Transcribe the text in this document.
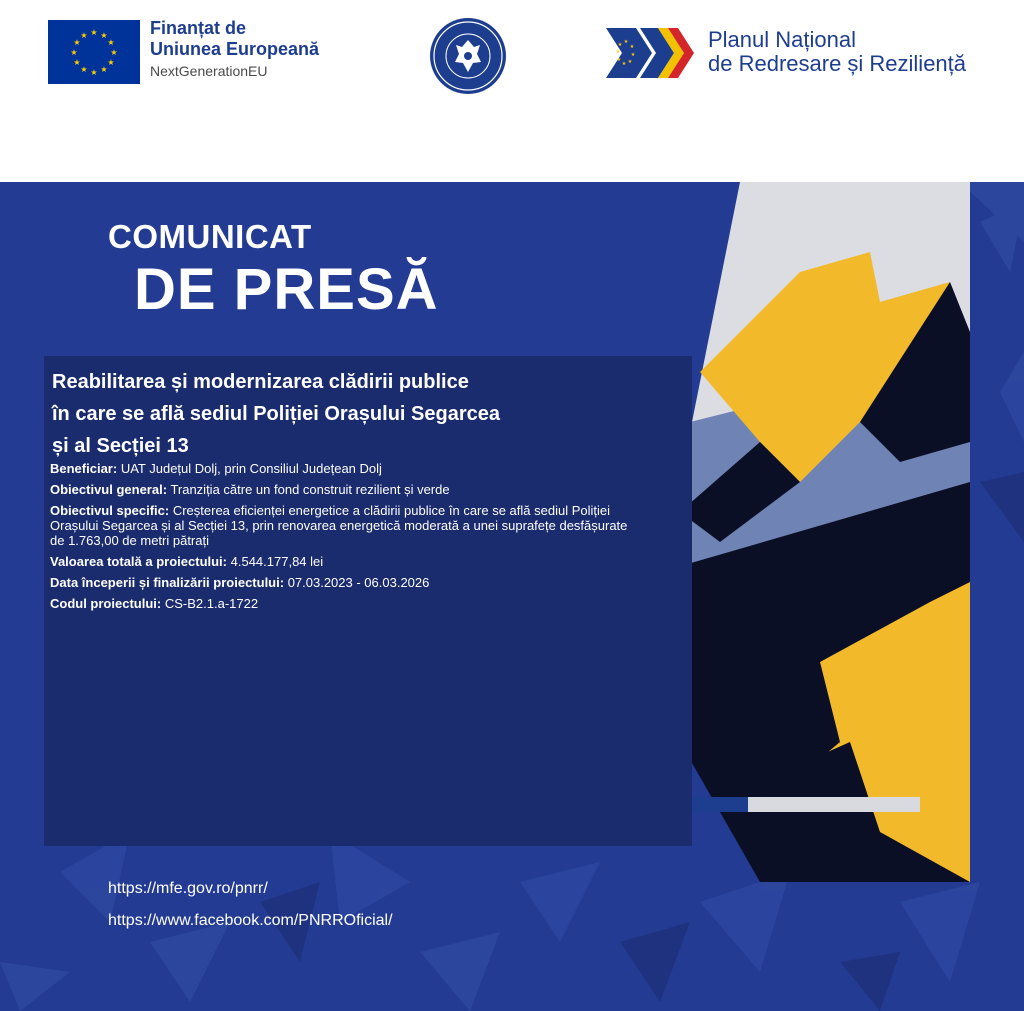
★ ★
★
★
★
★
★
★
★
★
★
★	Finanțat de
Uniunea Europeană
NextGenerationEU
★
★
★
★
★
★
★
★	Planul Național
de Redresare și Reziliență
COMUNICAT
DE PRESĂ
Reabilitarea și modernizarea clădirii publice
în care se află sediul Poliției Orașului Segarcea
și al Secției 13
Beneficiar: UAT Județul Dolj, prin Consiliul Județean Dolj
Obiectivul general: Tranziția către un fond construit rezilient și verde
Obiectivul specific: Creșterea eficienței energetice a clădirii publice în care se află sediul Poliției Orașului Segarcea și al Secției 13, prin renovarea energetică moderată a unei suprafețe desfășurate de 1.763,00 de metri pătrați
Valoarea totală a proiectului: 4.544.177,84 lei
Data începerii și finalizării proiectului: 07.03.2023 - 06.03.2026
Codul proiectului: CS-B2.1.a-1722
https://mfe.gov.ro/pnrr/
https://www.facebook.com/PNRROficial/
